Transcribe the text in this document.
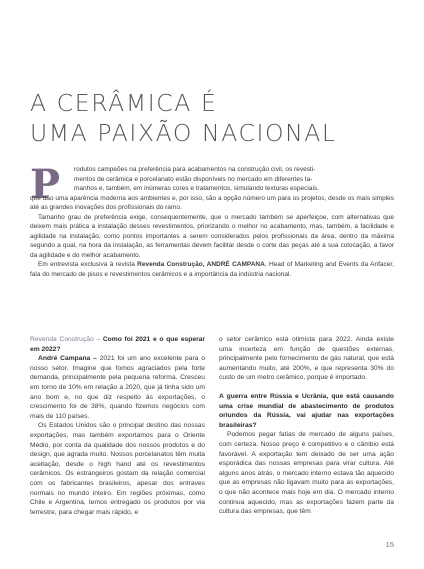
A CERÂMICA É
UMA PAIXÃO NACIONAL
P	rodutos campeões na preferência para acabamentos na construção civil, os revesti-

mentos de cerâmica e porcelanato estão disponíveis no mercado em diferentes ta-

manhos e, também, em inúmeras cores e tratamentos, simulando texturas especiais,

que dão uma aparência moderna aos ambientes e, por isso, são a opção número um para os projetos, desde os mais simples até as grandes inovações dos profissionais do ramo.

Tamanho grau de preferência exige, consequentemente, que o mercado também se aperfeiçoe, com alternativas que deixem mais prática a instalação desses revestimentos, priorizando o melhor no acabamento, mas, também, a facilidade e agilidade na instalação, como pontos importantes a serem considerados pelos profissionais da área, dentro da máxima segundo a qual, na hora da instalação, as ferramentas devem facilitar desde o corte das peças até a sua colocação, a favor da agilidade e do melhor acabamento.

Em entrevista exclusiva à revista Revenda Construção, ANDRÉ CAMPANA, Head of Marketing and Events da Anfacer, fala do mercado de pisos e revestimentos cerâmicos e a importância da indústria nacional.

Revenda Construção – Como foi 2021 e o que esperar em 2022?

André Campana – 2021 foi um ano excelente para o nosso setor. Imagine que fomos agraciados pela forte demanda, principalmente pela pequena reforma. Cresceu em torno de 10% em relação a 2020, que já tinha sido um ano bom e, no que diz respeito às exportações, o crescimento foi de 38%, quando fizemos negócios com mais de 110 países.

Os Estados Unidos são o principal destino das nossas exportações, mas também exportamos para o Oriente Médio, por conta da qualidade dos nossos produtos e do design, que agrada muito. Nossos porcelanatos têm muita aceitação, desde o high hand até os revestimentos cerâmicos. Os estrangeiros gostam da relação comercial com os fabricantes brasileiros, apesar dos entraves normais no mundo inteiro. Em regiões próximas, como Chile e Argentina, temos entregado os produtos por via terrestre, para chegar mais rápido, e

o setor cerâmico está otimista para 2022. Ainda existe uma incerteza em função de questões externas, principalmente pelo fornecimento de gás natural, que está aumentando muito, até 200%, e que representa 30% do custo de um metro cerâmico, porque é importado.

A guerra entre Rússia e Ucrânia, que está causando uma crise mundial de abastecimento de produtos oriundos da Rússia, vai ajudar nas exportações brasileiras?

Podemos pegar fatias de mercado de alguns países, com certeza. Nosso preço é competitivo e o câmbio está favorável. A exportação tem deixado de ser uma ação esporádica das nossas empresas para virar cultura. Até alguns anos atrás, o mercado interno estava tão aquecido que as empresas não ligavam muito para as exportações, o que não acontece mais hoje em dia. O mercado interno continua aquecido, mas as exportações fazem parte da cultura das empresas, que têm

15
